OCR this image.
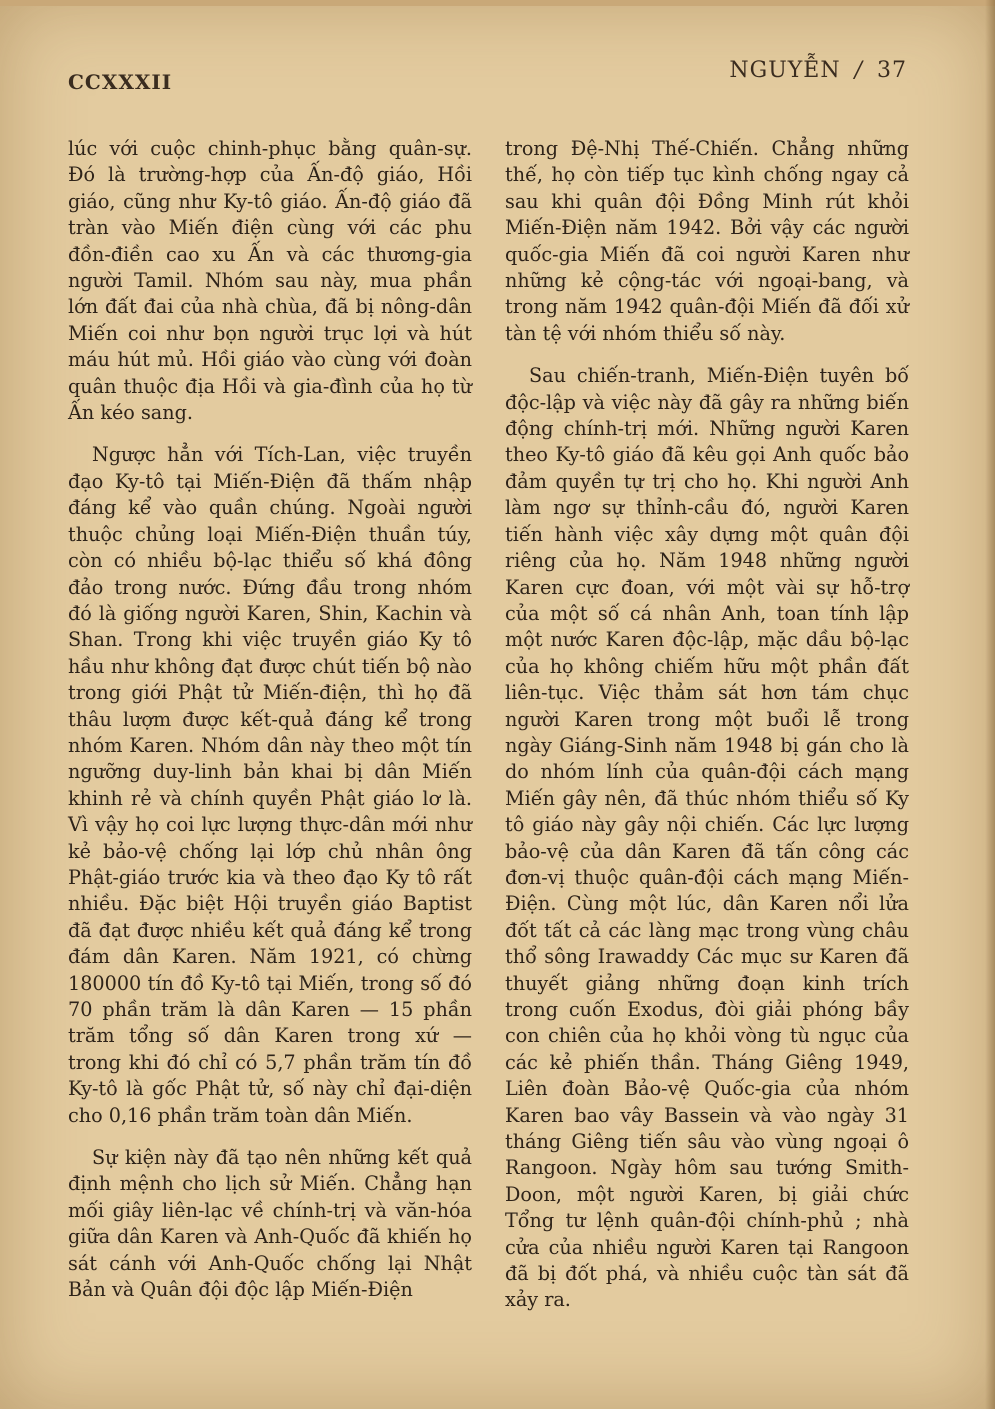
CCXXXII	NGUYỄN / 37

lúc với cuộc chinh-phục bằng quân-sự. Đó là trường-hợp của Ấn-độ giáo, Hồi giáo, cũng như Ky-tô giáo. Ấn-độ giáo đã tràn vào Miến điện cùng với các phu đồn-điền cao xu Ấn và các thương-gia người Tamil. Nhóm sau này, mua phần lớn đất đai của nhà chùa, đã bị nông-dân Miến coi như bọn người trục lợi và hút máu hút mủ. Hồi giáo vào cùng với đoàn quân thuộc địa Hồi và gia-đình của họ từ Ấn kéo sang.

Ngược hẳn với Tích-Lan, việc truyền đạo Ky-tô tại Miến-Điện đã thấm nhập đáng kể vào quần chúng. Ngoài người thuộc chủng loại Miến-Điện thuần túy, còn có nhiều bộ-lạc thiểu số khá đông đảo trong nước. Đứng đầu trong nhóm đó là giống người Karen, Shin, Kachin và Shan. Trong khi việc truyền giáo Ky tô hầu như không đạt được chút tiến bộ nào trong giới Phật tử Miến-điện, thì họ đã thâu lượm được kết-quả đáng kể trong nhóm Karen. Nhóm dân này theo một tín ngưỡng duy-linh bản khai bị dân Miến khinh rẻ và chính quyền Phật giáo lơ là. Vì vậy họ coi lực lượng thực-dân mới như kẻ bảo-vệ chống lại lớp chủ nhân ông Phật-giáo trước kia và theo đạo Ky tô rất nhiều. Đặc biệt Hội truyền giáo Baptist đã đạt được nhiều kết quả đáng kể trong đám dân Karen. Năm 1921, có chừng 180000 tín đồ Ky-tô tại Miến, trong số đó 70 phần trăm là dân Karen — 15 phần trăm tổng số dân Karen trong xứ — trong khi đó chỉ có 5,7 phần trăm tín đồ Ky-tô là gốc Phật tử, số này chỉ đại-diện cho 0,16 phần trăm toàn dân Miến.

Sự kiện này đã tạo nên những kết quả định mệnh cho lịch sử Miến. Chẳng hạn mối giây liên-lạc về chính-trị và văn-hóa giữa dân Karen và Anh-Quốc đã khiến họ sát cánh với Anh-Quốc chống lại Nhật Bản và Quân đội độc lập Miến-Điện

trong Đệ-Nhị Thế-Chiến. Chẳng những thế, họ còn tiếp tục kình chống ngay cả sau khi quân đội Đồng Minh rút khỏi Miến-Điện năm 1942. Bởi vậy các người quốc-gia Miến đã coi người Karen như những kẻ cộng-tác với ngoại-bang, và trong năm 1942 quân-đội Miến đã đối xử tàn tệ với nhóm thiểu số này.

Sau chiến-tranh, Miến-Điện tuyên bố độc-lập và việc này đã gây ra những biến động chính-trị mới. Những người Karen theo Ky-tô giáo đã kêu gọi Anh quốc bảo đảm quyền tự trị cho họ. Khi người Anh làm ngơ sự thỉnh-cầu đó, người Karen tiến hành việc xây dựng một quân đội riêng của họ. Năm 1948 những người Karen cực đoan, với một vài sự hỗ-trợ của một số cá nhân Anh, toan tính lập một nước Karen độc-lập, mặc dầu bộ-lạc của họ không chiếm hữu một phần đất liên-tục. Việc thảm sát hơn tám chục người Karen trong một buổi lễ trong ngày Giáng-Sinh năm 1948 bị gán cho là do nhóm lính của quân-đội cách mạng Miến gây nên, đã thúc nhóm thiểu số Ky tô giáo này gây nội chiến. Các lực lượng bảo-vệ của dân Karen đã tấn công các đơn-vị thuộc quân-đội cách mạng Miến-Điện. Cùng một lúc, dân Karen nổi lửa đốt tất cả các làng mạc trong vùng châu thổ sông Irawaddy Các mục sư Karen đã thuyết giảng những đoạn kinh trích trong cuốn Exodus, đòi giải phóng bầy con chiên của họ khỏi vòng tù ngục của các kẻ phiến thần. Tháng Giêng 1949, Liên đoàn Bảo-vệ Quốc-gia của nhóm Karen bao vây Bassein và vào ngày 31 tháng Giêng tiến sâu vào vùng ngoại ô Rangoon. Ngày hôm sau tướng Smith-Doon, một người Karen, bị giải chức Tổng tư lệnh quân-đội chính-phủ ; nhà cửa của nhiều người Karen tại Rangoon đã bị đốt phá, và nhiều cuộc tàn sát đã xảy ra.
